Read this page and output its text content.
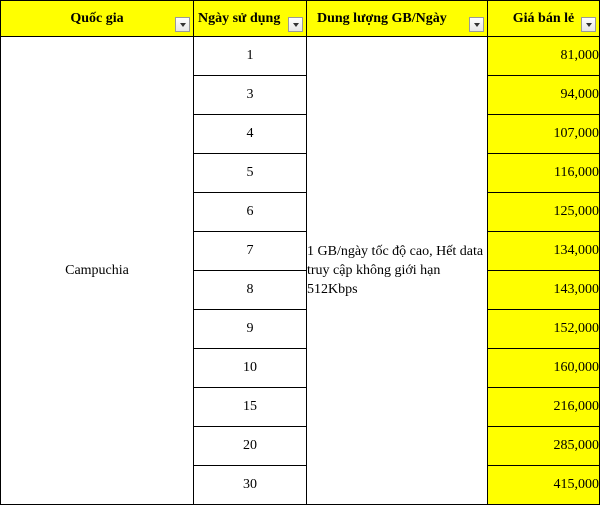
Quốc gia	Ngày sử dụng	Dung lượng GB/Ngày	Giá bán lẻ

Campuchia	1	1 GB/ngày tốc độ cao, Hết data truy cập không giới hạn 512Kbps	81,000
	3		94,000
	4		107,000
	5		116,000
	6		125,000
	7		134,000
	8		143,000
	9		152,000
	10		160,000
	15		216,000
	20		285,000
	30		415,000
